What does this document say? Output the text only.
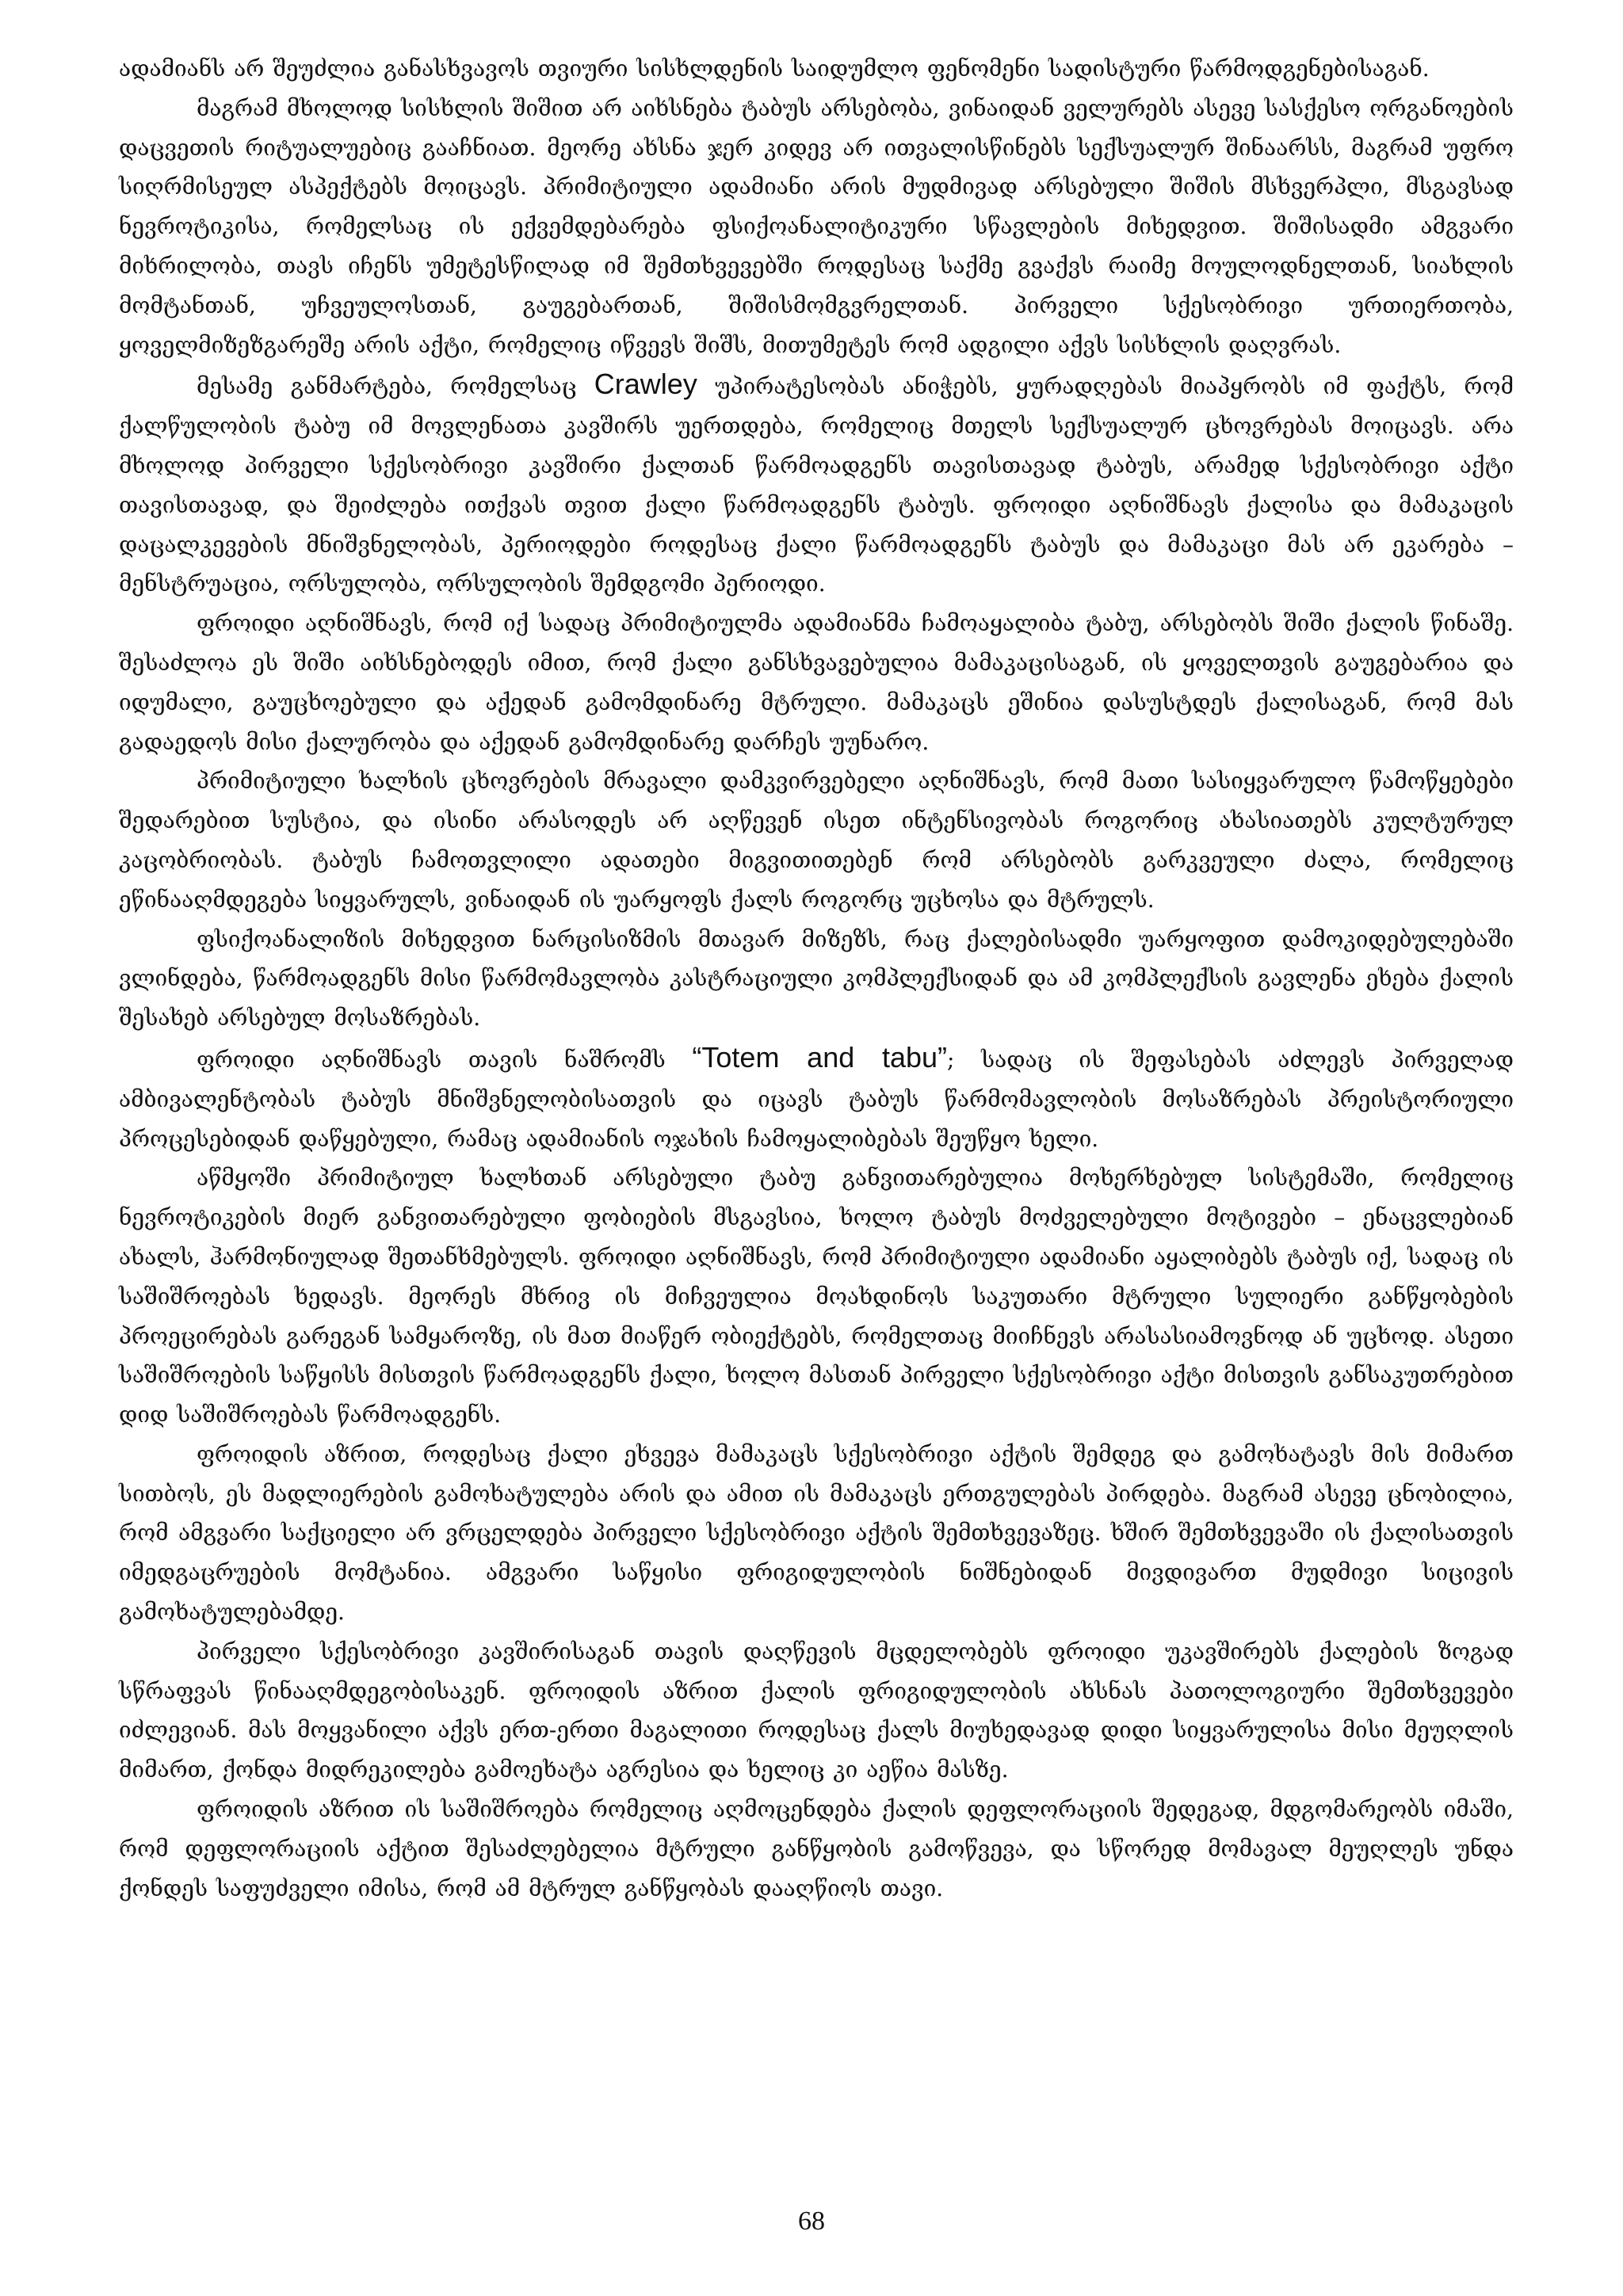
ადამიანს არ შეუძლია განასხვავოს თვიური სისხლდენის საიდუმლო ფენომენი სადისტური წარმოდგენებისაგან.

მაგრამ მხოლოდ სისხლის შიშით არ აიხსნება ტაბუს არსებობა, ვინაიდან ველურებს ასევე სასქესო ორგანოების დაცვეთის რიტუალუებიც გააჩნიათ. მეორე ახსნა ჯერ კიდევ არ ითვალისწინებს სექსუალურ შინაარსს, მაგრამ უფრო სიღრმისეულ ასპექტებს მოიცავს. პრიმიტიული ადამიანი არის მუდმივად არსებული შიშის მსხვერპლი, მსგავსად ნევროტიკისა, რომელსაც ის ექვემდებარება ფსიქოანალიტიკური სწავლების მიხედვით. შიშისადმი ამგვარი მიხრილობა, თავს იჩენს უმეტესწილად იმ შემთხვევებში როდესაც საქმე გვაქვს რაიმე მოულოდნელთან, სიახლის მომტანთან, უჩვეულოსთან, გაუგებართან, შიშისმომგვრელთან. პირველი სქესობრივი ურთიერთობა, ყოველმიზეზგარეშე არის აქტი, რომელიც იწვევს შიშს, მითუმეტეს რომ ადგილი აქვს სისხლის დაღვრას.

მესამე განმარტება, რომელსაც Crawley უპირატესობას ანიჭებს, ყურადღებას მიაპყრობს იმ ფაქტს, რომ ქალწულობის ტაბუ იმ მოვლენათა კავშირს უერთდება, რომელიც მთელს სექსუალურ ცხოვრებას მოიცავს. არა მხოლოდ პირველი სქესობრივი კავშირი ქალთან წარმოადგენს თავისთავად ტაბუს, არამედ სქესობრივი აქტი თავისთავად, და შეიძლება ითქვას თვით ქალი წარმოადგენს ტაბუს. ფროიდი აღნიშნავს ქალისა და მამაკაცის დაცალკევების მნიშვნელობას, პერიოდები როდესაც ქალი წარმოადგენს ტაბუს და მამაკაცი მას არ ეკარება – მენსტრუაცია, ორსულობა, ორსულობის შემდგომი პერიოდი.

ფროიდი აღნიშნავს, რომ იქ სადაც პრიმიტიულმა ადამიანმა ჩამოაყალიბა ტაბუ, არსებობს შიში ქალის წინაშე. შესაძლოა ეს შიში აიხსნებოდეს იმით, რომ ქალი განსხვავებულია მამაკაცისაგან, ის ყოველთვის გაუგებარია და იდუმალი, გაუცხოებული და აქედან გამომდინარე მტრული. მამაკაცს ეშინია დასუსტდეს ქალისაგან, რომ მას გადაედოს მისი ქალურობა და აქედან გამომდინარე დარჩეს უუნარო.

პრიმიტიული ხალხის ცხოვრების მრავალი დამკვირვებელი აღნიშნავს, რომ მათი სასიყვარულო წამოწყებები შედარებით სუსტია, და ისინი არასოდეს არ აღწევენ ისეთ ინტენსივობას როგორიც ახასიათებს კულტურულ კაცობრიობას. ტაბუს ჩამოთვლილი ადათები მიგვითითებენ რომ არსებობს გარკვეული ძალა, რომელიც ეწინააღმდეგება სიყვარულს, ვინაიდან ის უარყოფს ქალს როგორც უცხოსა და მტრულს.

ფსიქოანალიზის მიხედვით ნარცისიზმის მთავარ მიზეზს, რაც ქალებისადმი უარყოფით დამოკიდებულებაში ვლინდება, წარმოადგენს მისი წარმომავლობა კასტრაციული კომპლექსიდან და ამ კომპლექსის გავლენა ეხება ქალის შესახებ არსებულ მოსაზრებას.

ფროიდი აღნიშნავს თავის ნაშრომს “Totem and tabu”; სადაც ის შეფასებას აძლევს პირველად ამბივალენტობას ტაბუს მნიშვნელობისათვის და იცავს ტაბუს წარმომავლობის მოსაზრებას პრეისტორიული პროცესებიდან დაწყებული, რამაც ადამიანის ოჯახის ჩამოყალიბებას შეუწყო ხელი.

აწმყოში პრიმიტიულ ხალხთან არსებული ტაბუ განვითარებულია მოხერხებულ სისტემაში, რომელიც ნევროტიკების მიერ განვითარებული ფობიების მსგავსია, ხოლო ტაბუს მოძველებული მოტივები – ენაცვლებიან ახალს, ჰარმონიულად შეთანხმებულს. ფროიდი აღნიშნავს, რომ პრიმიტიული ადამიანი აყალიბებს ტაბუს იქ, სადაც ის საშიშროებას ხედავს. მეორეს მხრივ ის მიჩვეულია მოახდინოს საკუთარი მტრული სულიერი განწყობების პროეცირებას გარეგან სამყაროზე, ის მათ მიაწერ ობიექტებს, რომელთაც მიიჩნევს არასასიამოვნოდ ან უცხოდ. ასეთი საშიშროების საწყისს მისთვის წარმოადგენს ქალი, ხოლო მასთან პირველი სქესობრივი აქტი მისთვის განსაკუთრებით დიდ საშიშროებას წარმოადგენს.

ფროიდის აზრით, როდესაც ქალი ეხვევა მამაკაცს სქესობრივი აქტის შემდეგ და გამოხატავს მის მიმართ სითბოს, ეს მადლიერების გამოხატულება არის და ამით ის მამაკაცს ერთგულებას პირდება. მაგრამ ასევე ცნობილია, რომ ამგვარი საქციელი არ ვრცელდება პირველი სქესობრივი აქტის შემთხვევაზეც. ხშირ შემთხვევაში ის ქალისათვის იმედგაცრუების მომტანია. ამგვარი საწყისი ფრიგიდულობის ნიშნებიდან მივდივართ მუდმივი სიცივის გამოხატულებამდე.

პირველი სქესობრივი კავშირისაგან თავის დაღწევის მცდელობებს ფროიდი უკავშირებს ქალების ზოგად სწრაფვას წინააღმდეგობისაკენ. ფროიდის აზრით ქალის ფრიგიდულობის ახსნას პათოლოგიური შემთხვევები იძლევიან. მას მოყვანილი აქვს ერთ-ერთი მაგალითი როდესაც ქალს მიუხედავად დიდი სიყვარულისა მისი მეუღლის მიმართ, ქონდა მიდრეკილება გამოეხატა აგრესია და ხელიც კი აეწია მასზე.

ფროიდის აზრით ის საშიშროება რომელიც აღმოცენდება ქალის დეფლორაციის შედეგად, მდგომარეობს იმაში, რომ დეფლორაციის აქტით შესაძლებელია მტრული განწყობის გამოწვევა, და სწორედ მომავალ მეუღლეს უნდა ქონდეს საფუძველი იმისა, რომ ამ მტრულ განწყობას დააღწიოს თავი.

68
